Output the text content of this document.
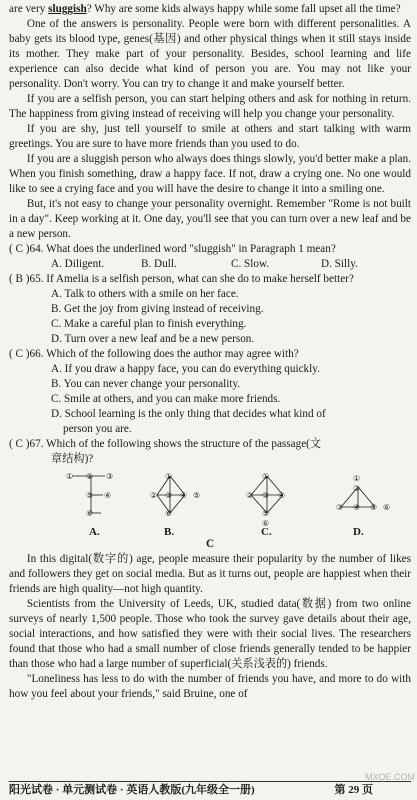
are very sluggish? Why are some kids always happy while some fall upset all the time?

One of the answers is personality. People were born with different personalities. A baby gets its blood type, genes(基因) and other physical things when it still stays inside its mother. They make part of your personality. Besides, school learning and life experience can also decide what kind of person you are. You may not like your personality. Don't worry. You can try to change it and make yourself better.

If you are a selfish person, you can start helping others and ask for nothing in return. The happiness from giving instead of receiving will help you change your personality.

If you are shy, just tell yourself to smile at others and start talking with warm greetings. You are sure to have more friends than you used to do.

If you are a sluggish person who always does things slowly, you'd better make a plan. When you finish something, draw a happy face. If not, draw a crying one. No one would like to see a crying face and you will have the desire to change it into a smiling one.

But, it's not easy to change your personality overnight. Remember "Rome is not built in a day". Keep working at it. One day, you'll see that you can turn over a new leaf and be a new person.

( C )64. What does the underlined word "sluggish" in Paragraph 1 mean?

A. Diligent.	B. Dull.	C. Slow.	D. Silly.

( B )65. If Amelia is a selfish person, what can she do to make herself better?

A. Talk to others with a smile on her face.

B. Get the joy from giving instead of receiving.

C. Make a careful plan to finish everything.

D. Turn over a new leaf and be a new person.

( C )66. Which of the following does the author may agree with?

A. If you draw a happy face, you can do everything quickly.

B. You can never change your personality.

C. Smile at others, and you can make more friends.

D. School learning is the only thing that decides what kind of

person you are.

( C )67. Which of the following shows the structure of the passage(文

章结构)?

① ② ③
④
⑤
⑥
①
② ③ ④ ⑤
⑥
①
② ③ ④
⑤
⑥
①
②
③ ④ ⑤ ⑥
A.	B.	C.	D.

C

In this digital(数字的) age, people measure their popularity by the number of likes and followers they get on social media. But as it turns out, people are happiest when their friends are high quality—not high quantity.

Scientists from the University of Leeds, UK, studied data(数据) from two online surveys of nearly 1,500 people. Those who took the survey gave details about their age, social interactions, and how satisfied they were with their social lives. The researchers found that those who had a small number of close friends generally tended to be happier than those who had a large number of superficial(关系浅表的) friends.

"Loneliness has less to do with the number of friends you have, and more to do with how you feel about your friends," said Bruine, one of

阳光试卷 · 单元测试卷 · 英语人教版(九年级全一册)	第 29 页
MXQE.COM
